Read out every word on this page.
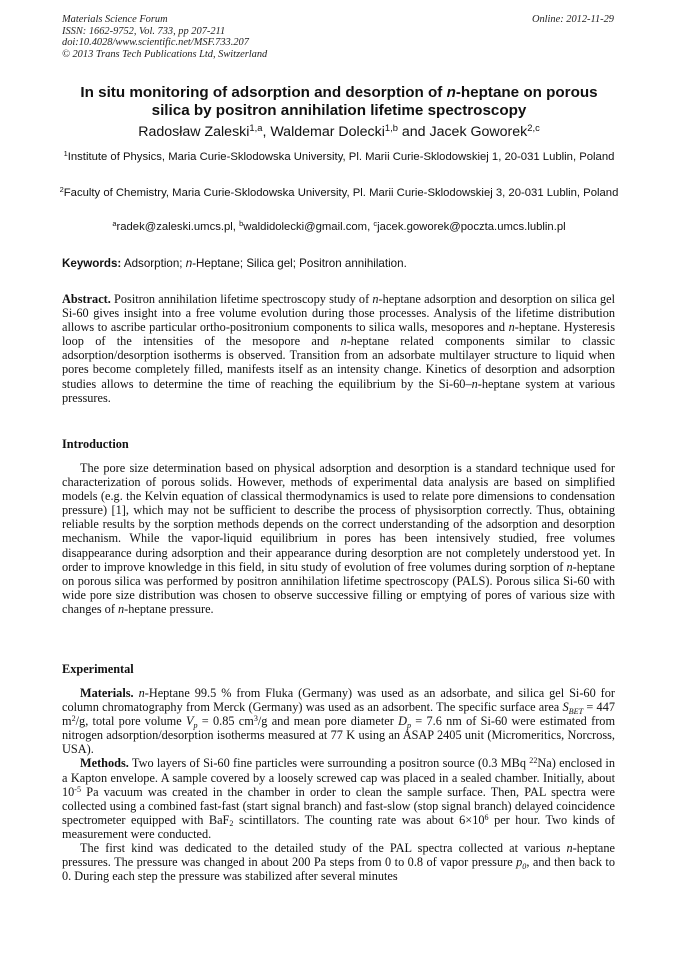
Materials Science Forum
ISSN: 1662-9752, Vol. 733, pp 207-211
doi:10.4028/www.scientific.net/MSF.733.207
© 2013 Trans Tech Publications Ltd, Switzerland
Online: 2012-11-29
In situ monitoring of adsorption and desorption of n-heptane on porous
silica by positron annihilation lifetime spectroscopy
Radosław Zaleski$^{1,a}$, Waldemar Dolecki$^{1,b}$ and Jacek Goworek$^{2,c}$
$^1$Institute of Physics, Maria Curie-Sklodowska University, Pl. Marii Curie-Sklodowskiej 1, 20-031 Lublin, Poland
$^2$Faculty of Chemistry, Maria Curie-Sklodowska University, Pl. Marii Curie-Sklodowskiej 3, 20-031 Lublin, Poland
$^a$radek@zaleski.umcs.pl, $^b$waldidolecki@gmail.com, $^c$jacek.goworek@poczta.umcs.lublin.pl
Keywords: Adsorption; n-Heptane; Silica gel; Positron annihilation.

Abstract. Positron annihilation lifetime spectroscopy study of n-heptane adsorption and desorption on silica gel Si-60 gives insight into a free volume evolution during those processes. Analysis of the lifetime distribution allows to ascribe particular ortho-positronium components to silica walls, mesopores and n-heptane. Hysteresis loop of the intensities of the mesopore and n-heptane related components similar to classic adsorption/desorption isotherms is observed. Transition from an adsorbate multilayer structure to liquid when pores become completely filled, manifests itself as an intensity change. Kinetics of desorption and adsorption studies allows to determine the time of reaching the equilibrium by the Si-60–n-heptane system at various pressures.

Introduction

The pore size determination based on physical adsorption and desorption is a standard technique used for characterization of porous solids. However, methods of experimental data analysis are based on simplified models (e.g. the Kelvin equation of classical thermodynamics is used to relate pore dimensions to condensation pressure) [1], which may not be sufficient to describe the process of physisorption correctly. Thus, obtaining reliable results by the sorption methods depends on the correct understanding of the adsorption and desorption mechanism. While the vapor-liquid equilibrium in pores has been intensively studied, free volumes disappearance during adsorption and their appearance during desorption are not completely understood yet. In order to improve knowledge in this field, in situ study of evolution of free volumes during sorption of n-heptane on porous silica was performed by positron annihilation lifetime spectroscopy (PALS). Porous silica Si-60 with wide pore size distribution was chosen to observe successive filling or emptying of pores of various size with changes of n-heptane pressure.

Experimental

Materials. n-Heptane 99.5 % from Fluka (Germany) was used as an adsorbate, and silica gel Si-60 for column chromatography from Merck (Germany) was used as an adsorbent. The specific surface area $S_{BET} = 447$ $m^2/g$, total pore volume $V_p = 0.85$ $cm^3/g$ and mean pore diameter $D_p = 7.6$ nm of Si-60 were estimated from nitrogen adsorption/desorption isotherms measured at 77 K using an ASAP 2405 unit (Micromeritics, Norcross, USA).

Methods. Two layers of Si-60 fine particles were surrounding a positron source (0.3 MBq $^{22}$Na) enclosed in a Kapton envelope. A sample covered by a loosely screwed cap was placed in a sealed chamber. Initially, about $10^{-5}$ Pa vacuum was created in the chamber in order to clean the sample surface. Then, PAL spectra were collected using a combined fast-fast (start signal branch) and fast-slow (stop signal branch) delayed coincidence spectrometer equipped with BaF$_2$ scintillators. The counting rate was about $6\times 10^6$ per hour. Two kinds of measurement were conducted.

The first kind was dedicated to the detailed study of the PAL spectra collected at various n-heptane pressures. The pressure was changed in about 200 Pa steps from 0 to 0.8 of vapor pressure $p_0$, and then back to 0. During each step the pressure was stabilized after several minutes
